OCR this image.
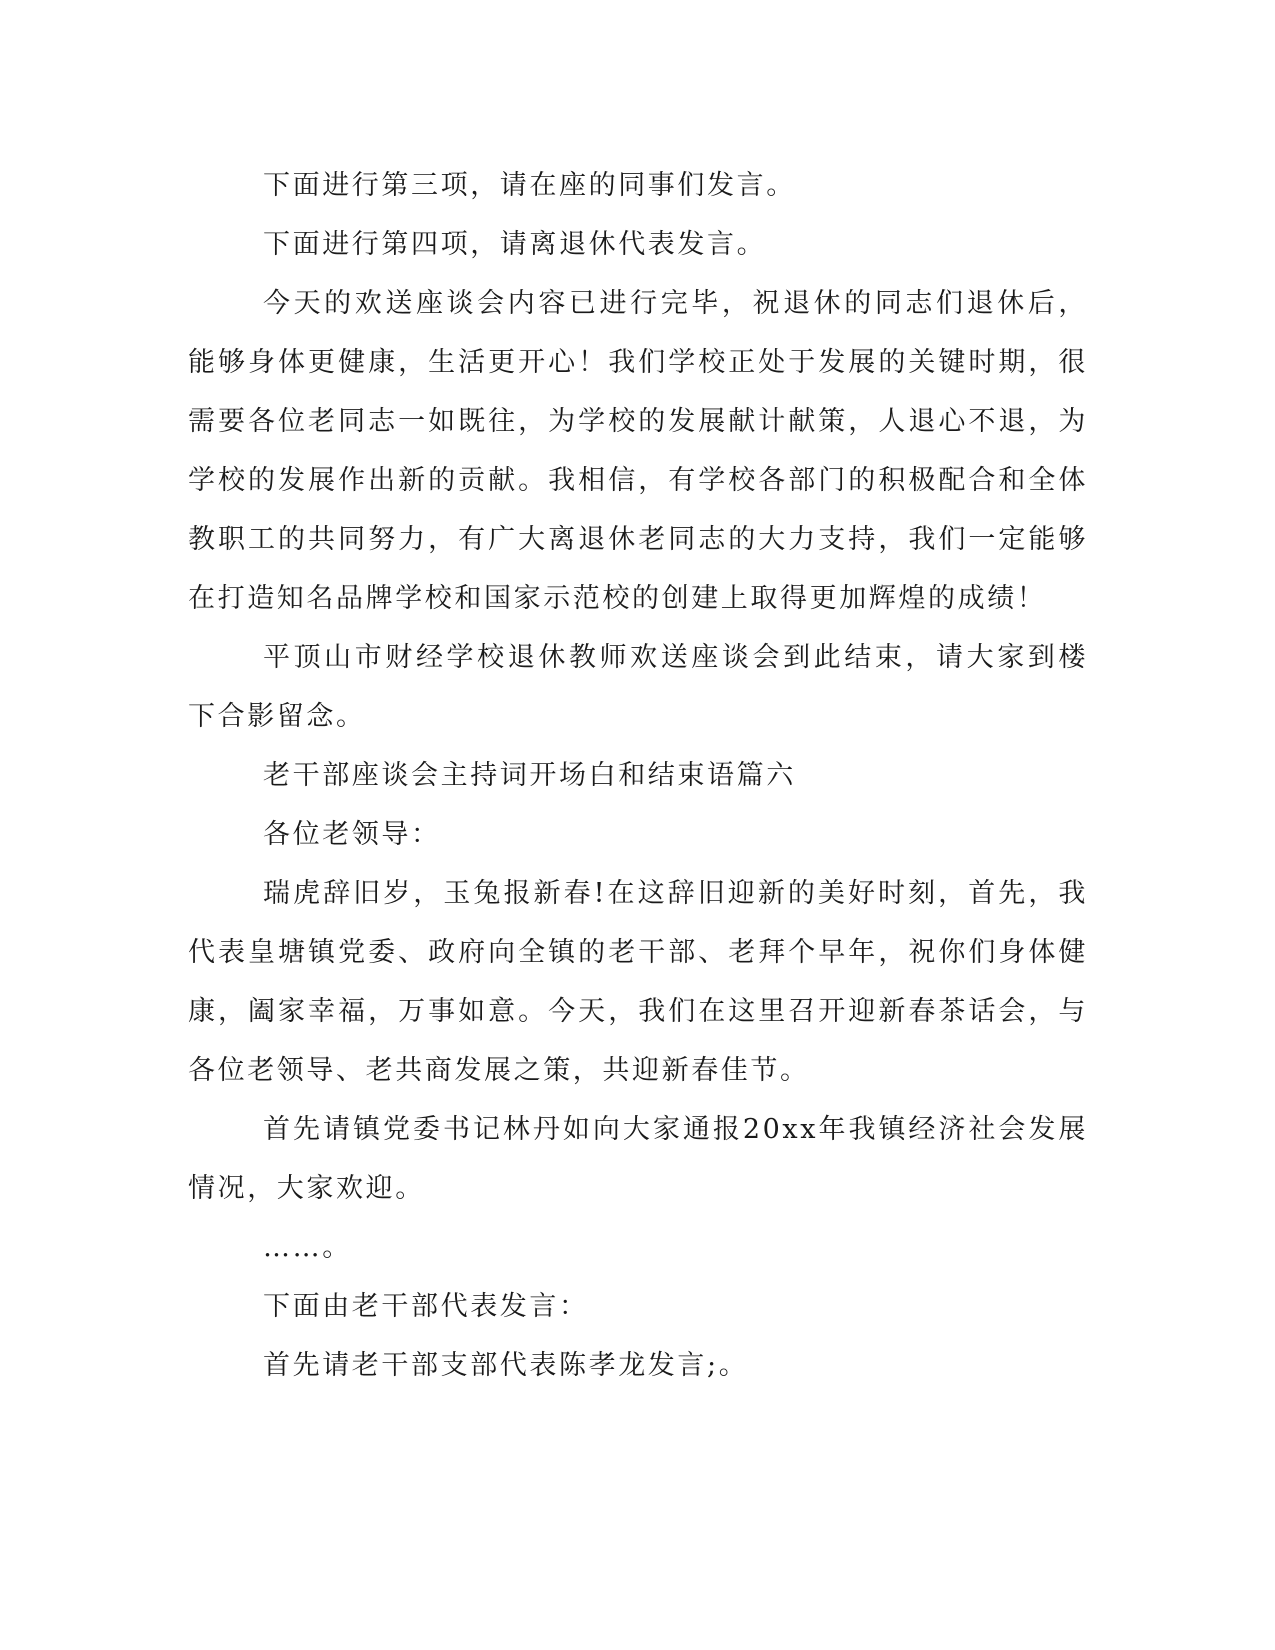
下面进行第三项，请在座的同事们发言。

下面进行第四项，请离退休代表发言。

今天的欢送座谈会内容已进行完毕，祝退休的同志们退休后，能够身体更健康，生活更开心！我们学校正处于发展的关键时期，很需要各位老同志一如既往，为学校的发展献计献策，人退心不退，为学校的发展作出新的贡献。我相信，有学校各部门的积极配合和全体教职工的共同努力，有广大离退休老同志的大力支持，我们一定能够在打造知名品牌学校和国家示范校的创建上取得更加辉煌的成绩！

平顶山市财经学校退休教师欢送座谈会到此结束，请大家到楼下合影留念。

老干部座谈会主持词开场白和结束语篇六

各位老领导：

瑞虎辞旧岁，玉兔报新春!在这辞旧迎新的美好时刻，首先，我代表皇塘镇党委、政府向全镇的老干部、老拜个早年，祝你们身体健康，阖家幸福，万事如意。今天，我们在这里召开迎新春茶话会，与各位老领导、老共商发展之策，共迎新春佳节。

首先请镇党委书记林丹如向大家通报20xx年我镇经济社会发展情况，大家欢迎。

……。

下面由老干部代表发言：

首先请老干部支部代表陈孝龙发言;。
